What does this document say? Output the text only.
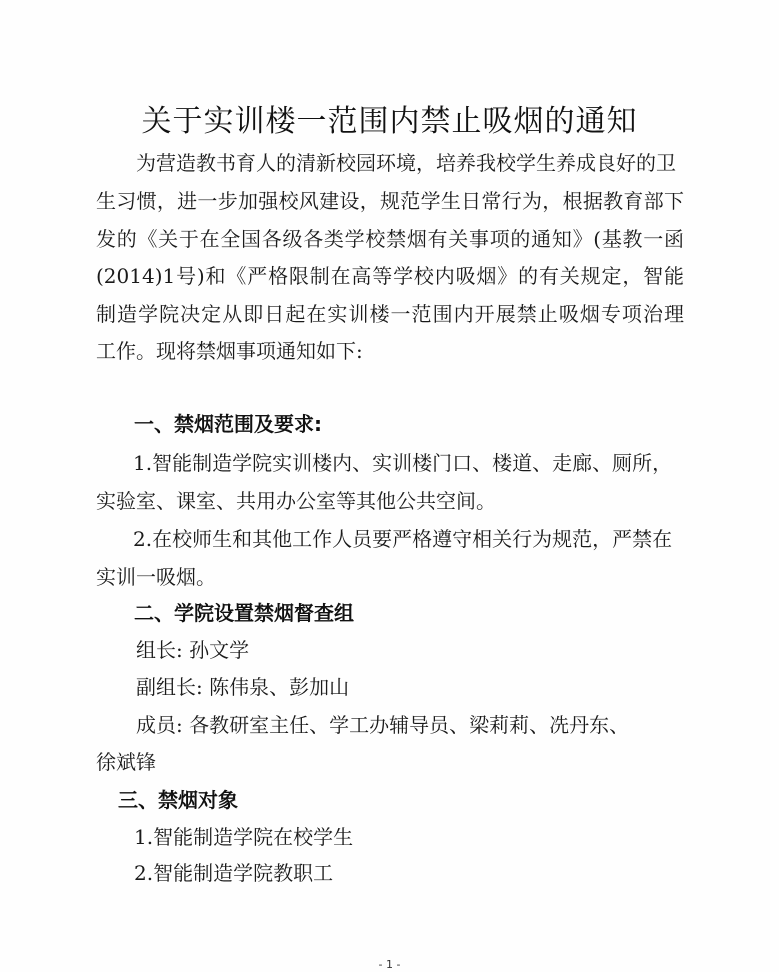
关于实训楼一范围内禁止吸烟的通知
为营造教书育人的清新校园环境，培养我校学生养成良好的卫
生习惯，进一步加强校风建设，规范学生日常行为，根据教育部下
发的《关于在全国各级各类学校禁烟有关事项的通知》(基教一函
(2014)1号)和《严格限制在高等学校内吸烟》的有关规定，智能
制造学院决定从即日起在实训楼一范围内开展禁止吸烟专项治理
工作。现将禁烟事项通知如下:
一、禁烟范围及要求:
1.智能制造学院实训楼内、实训楼门口、楼道、走廊、厕所，
实验室、课室、共用办公室等其他公共空间。
2.在校师生和其他工作人员要严格遵守相关行为规范，严禁在
实训一吸烟。
二、学院设置禁烟督查组
组长: 孙文学
副组长: 陈伟泉、彭加山
成员: 各教研室主任、学工办辅导员、梁莉莉、冼丹东、
徐斌锋
三、禁烟对象
1.智能制造学院在校学生
2.智能制造学院教职工
- 1 -
